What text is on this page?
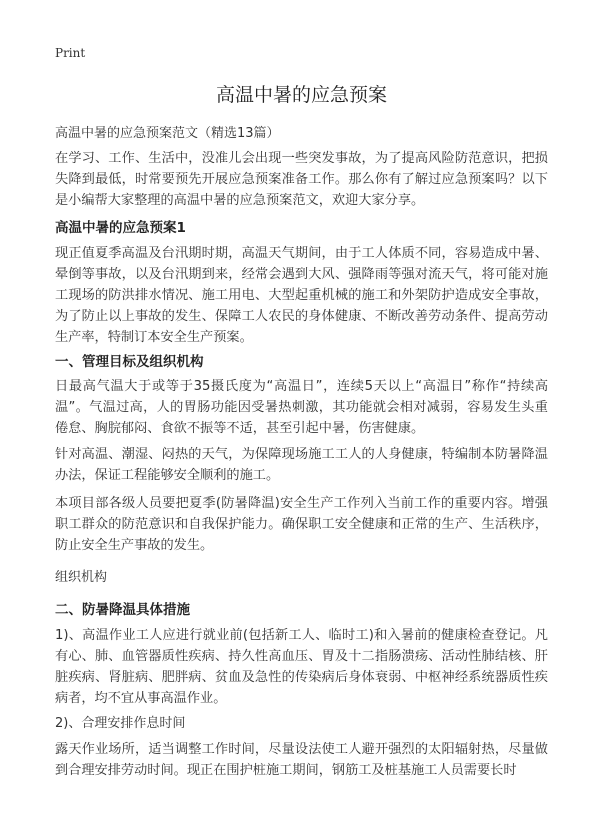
Print
高温中暑的应急预案
高温中暑的应急预案范文（精选13篇）

在学习、工作、生活中，没准儿会出现一些突发事故，为了提高风险防范意识，把损失降到最低，时常要预先开展应急预案准备工作。那么你有了解过应急预案吗？以下是小编帮大家整理的高温中暑的应急预案范文，欢迎大家分享。

高温中暑的应急预案1

现正值夏季高温及台汛期时期，高温天气期间，由于工人体质不同，容易造成中暑、晕倒等事故，以及台汛期到来，经常会遇到大风、强降雨等强对流天气，将可能对施工现场的防洪排水情况、施工用电、大型起重机械的施工和外架防护造成安全事故，为了防止以上事故的发生、保障工人农民的身体健康、不断改善劳动条件、提高劳动生产率，特制订本安全生产预案。

一、管理目标及组织机构

日最高气温大于或等于35摄氏度为“高温日”，连续5天以上“高温日”称作“持续高温”。气温过高，人的胃肠功能因受暑热刺激，其功能就会相对减弱，容易发生头重倦怠、胸脘郁闷、食欲不振等不适，甚至引起中暑，伤害健康。

针对高温、潮湿、闷热的天气，为保障现场施工工人的人身健康，特编制本防暑降温办法，保证工程能够安全顺利的施工。

本项目部各级人员要把夏季(防暑降温)安全生产工作列入当前工作的重要内容。增强职工群众的防范意识和自我保护能力。确保职工安全健康和正常的生产、生活秩序，防止安全生产事故的发生。

组织机构
二、防暑降温具体措施

1)、高温作业工人应进行就业前(包括新工人、临时工)和入暑前的健康检查登记。凡有心、肺、血管器质性疾病、持久性高血压、胃及十二指肠溃疡、活动性肺结核、肝脏疾病、肾脏病、肥胖病、贫血及急性的传染病后身体衰弱、中枢神经系统器质性疾病者，均不宜从事高温作业。

2)、合理安排作息时间

露天作业场所，适当调整工作时间，尽量设法使工人避开强烈的太阳辐射热，尽量做到合理安排劳动时间。现正在围护桩施工期间，钢筋工及桩基施工人员需要长时
